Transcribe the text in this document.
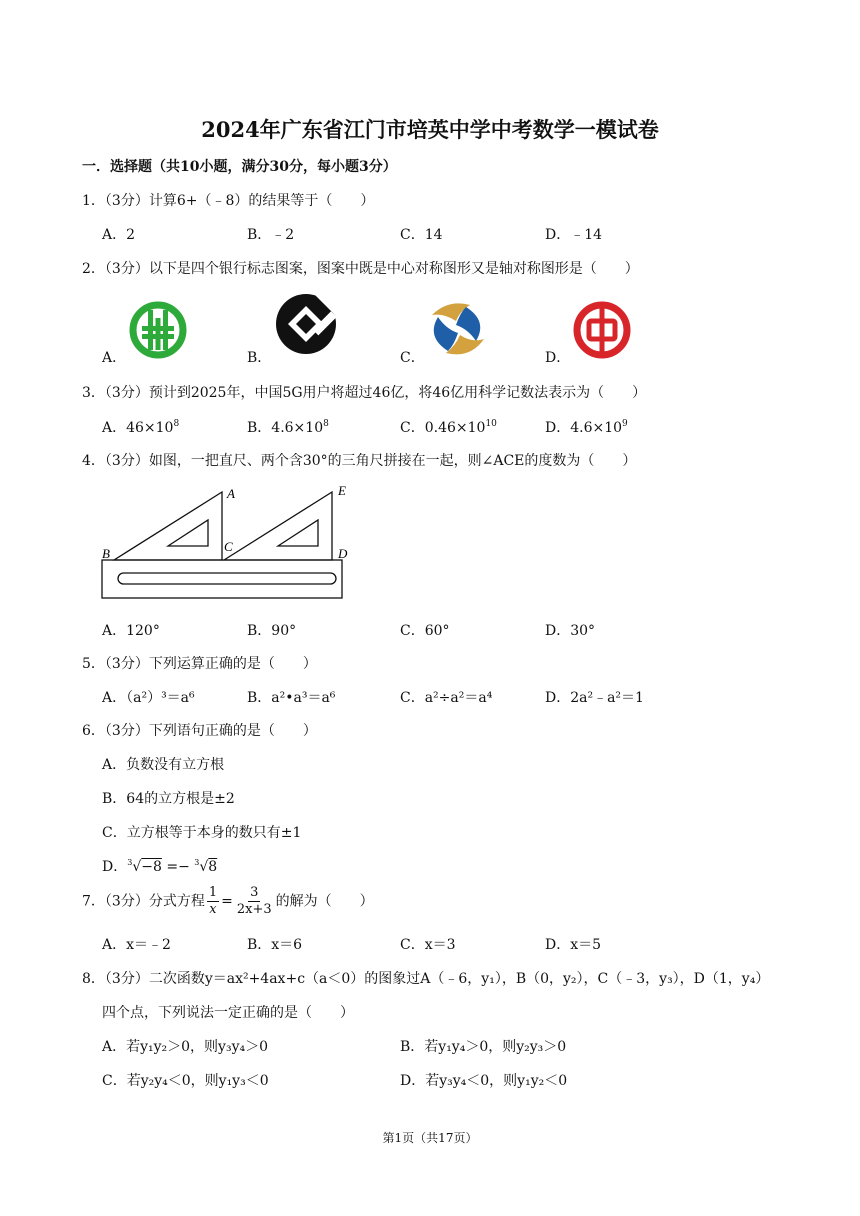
2024年广东省江门市培英中学中考数学一模试卷
一．选择题（共10小题，满分30分，每小题3分）
1．（3分）计算6+（﹣8）的结果等于（　　）
A．2	B．﹣2	C．14	D．﹣14
2．（3分）以下是四个银行标志图案，图案中既是中心对称图形又是轴对称图形是（　　）
A．	B．	C．	D．
3．（3分）预计到2025年，中国5G用户将超过46亿，将46亿用科学记数法表示为（　　）
A．$46\times 10^8$	B．$4.6\times 10^8$	C．$0.46\times 10^{10}$	D．$4.6\times 10^9$
4．（3分）如图，一把直尺、两个含30°的三角尺拼接在一起，则∠ACE的度数为（　　）
A
B	C	D
E
A．120°	B．90°	C．60°	D．30°
5．（3分）下列运算正确的是（　　）
A．（a²）³＝a⁶	B．a²•a³＝a⁶	C．a²÷a²＝a⁴	D．2a²﹣a²＝1
6．（3分）下列语句正确的是（　　）
A．负数没有立方根
B．64的立方根是±2
C．立方根等于本身的数只有±1
D．$^3$√−8 =− $^3$√8
7．（3分）分式方程 $\frac{1}{x} = \frac{3}{2x+3}$ 的解为（　　）
A．x＝﹣2	B．x＝6	C．x＝3	D．x＝5
8．（3分）二次函数y＝ax²+4ax+c（a＜0）的图象过A（﹣6，y₁），B（0，y₂），C（﹣3，y₃），D（1，y₄）
四个点，下列说法一定正确的是（　　）
A．若y₁y₂＞0，则y₃y₄＞0	B．若y₁y₄＞0，则y₂y₃＞0
C．若y₂y₄＜0，则y₁y₃＜0	D．若y₃y₄＜0，则y₁y₂＜0
第1页（共17页）
